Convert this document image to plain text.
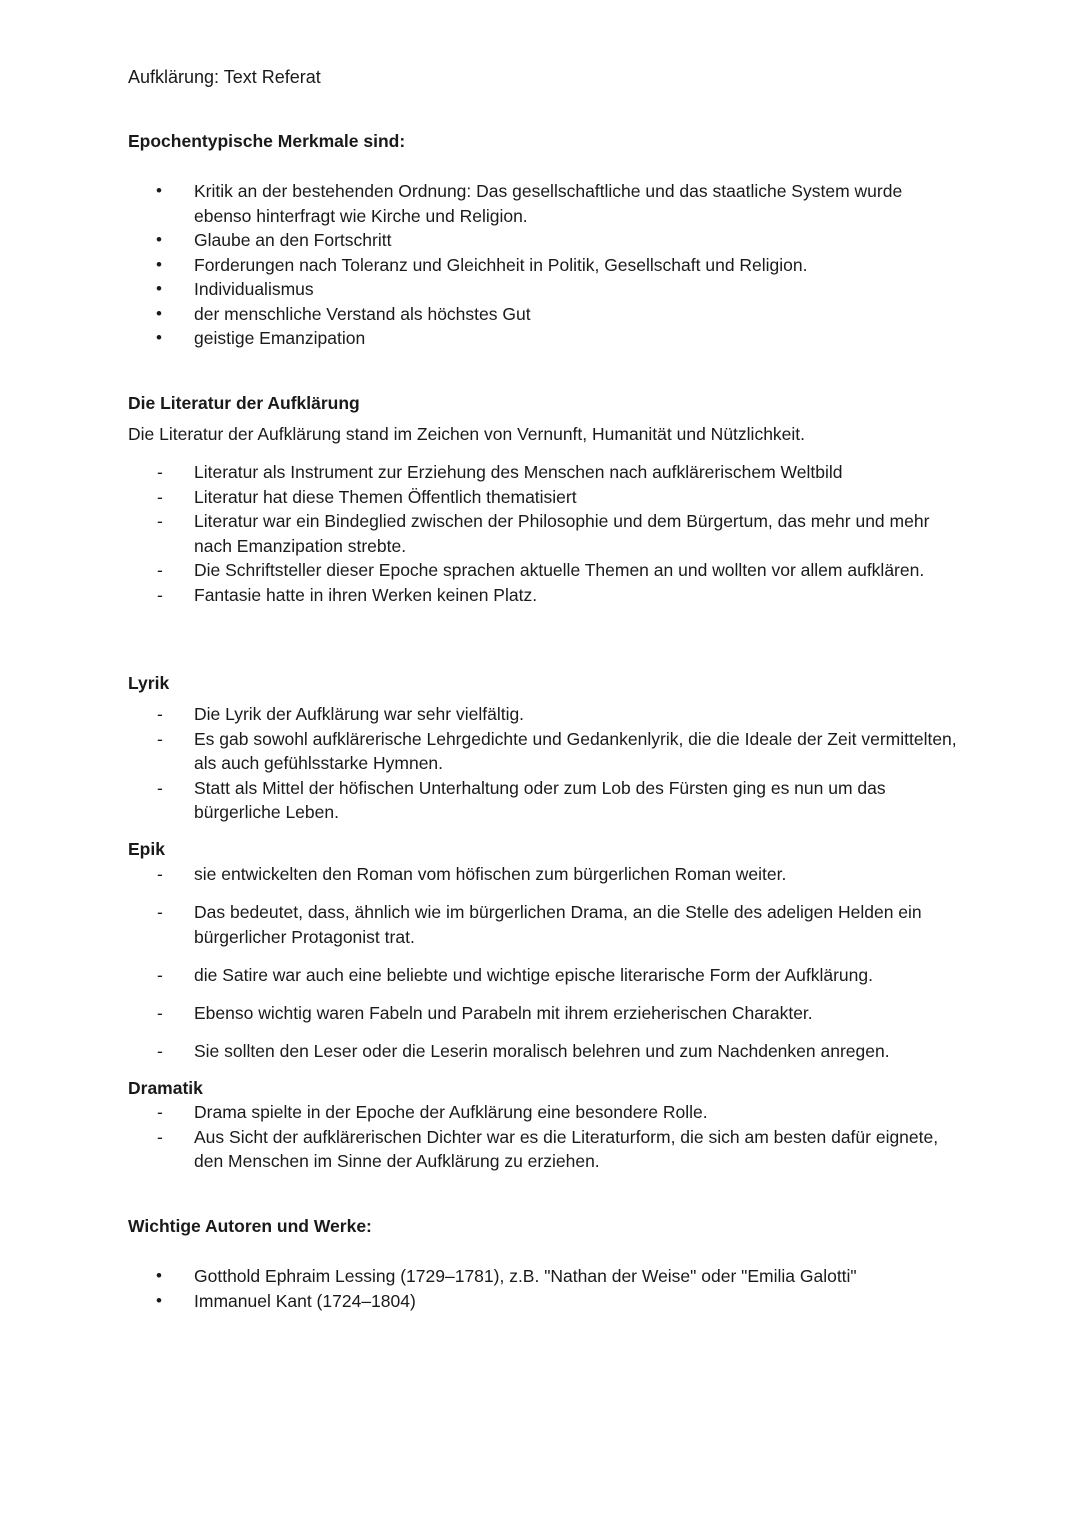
Aufklärung: Text Referat
Epochentypische Merkmale sind:
• Kritik an der bestehenden Ordnung: Das gesellschaftliche und das staatliche System wurde ebenso hinterfragt wie Kirche und Religion.
• Glaube an den Fortschritt
• Forderungen nach Toleranz und Gleichheit in Politik, Gesellschaft und Religion.
• Individualismus
• der menschliche Verstand als höchstes Gut
• geistige Emanzipation
Die Literatur der Aufklärung
Die Literatur der Aufklärung stand im Zeichen von Vernunft, Humanität und Nützlichkeit.
- Literatur als Instrument zur Erziehung des Menschen nach aufklärerischem Weltbild
- Literatur hat diese Themen Öffentlich thematisiert
- Literatur war ein Bindeglied zwischen der Philosophie und dem Bürgertum, das mehr und mehr nach Emanzipation strebte.
- Die Schriftsteller dieser Epoche sprachen aktuelle Themen an und wollten vor allem aufklären.
- Fantasie hatte in ihren Werken keinen Platz.
Lyrik
- Die Lyrik der Aufklärung war sehr vielfältig.
- Es gab sowohl aufklärerische Lehrgedichte und Gedankenlyrik, die die Ideale der Zeit vermittelten, als auch gefühlsstarke Hymnen.
- Statt als Mittel der höfischen Unterhaltung oder zum Lob des Fürsten ging es nun um das bürgerliche Leben.
Epik
- sie entwickelten den Roman vom höfischen zum bürgerlichen Roman weiter.
- Das bedeutet, dass, ähnlich wie im bürgerlichen Drama, an die Stelle des adeligen Helden ein bürgerlicher Protagonist trat.
- die Satire war auch eine beliebte und wichtige epische literarische Form der Aufklärung.
- Ebenso wichtig waren Fabeln und Parabeln mit ihrem erzieherischen Charakter.
- Sie sollten den Leser oder die Leserin moralisch belehren und zum Nachdenken anregen.
Dramatik
- Drama spielte in der Epoche der Aufklärung eine besondere Rolle.
- Aus Sicht der aufklärerischen Dichter war es die Literaturform, die sich am besten dafür eignete, den Menschen im Sinne der Aufklärung zu erziehen.
Wichtige Autoren und Werke:
• Gotthold Ephraim Lessing (1729–1781), z.B. "Nathan der Weise" oder "Emilia Galotti"
• Immanuel Kant (1724–1804)
